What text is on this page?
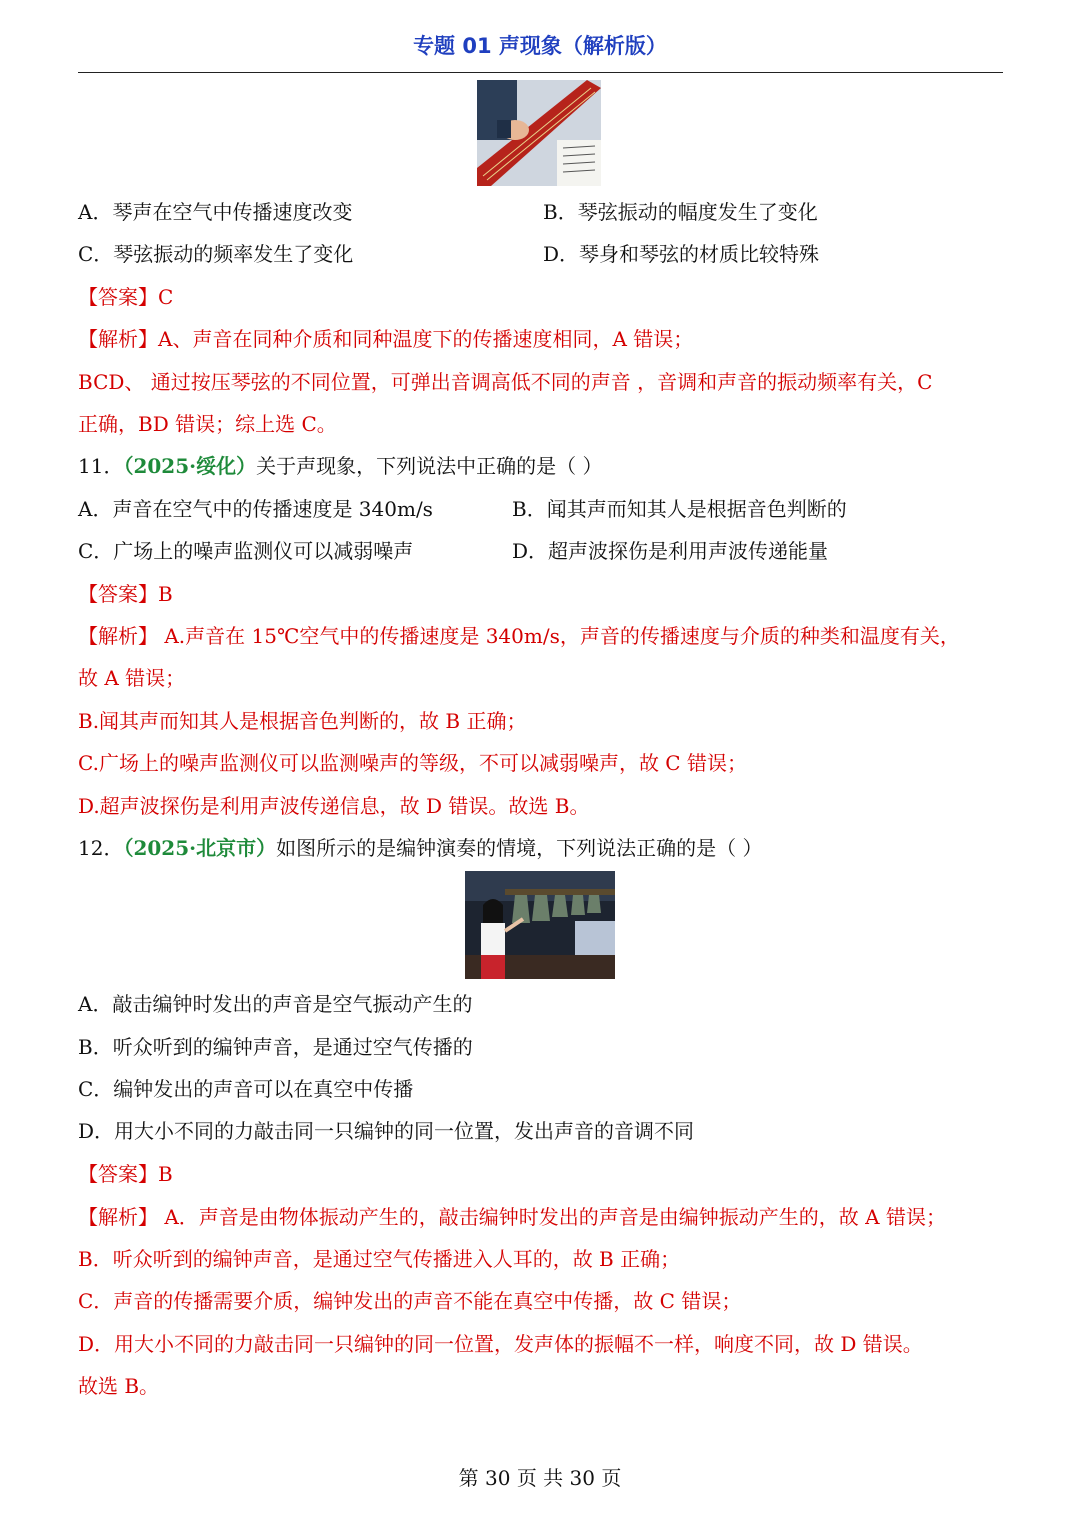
专题 01 声现象（解析版）
A．琴声在空气中传播速度改变	B．琴弦振动的幅度发生了变化
C．琴弦振动的频率发生了变化	D．琴身和琴弦的材质比较特殊
【答案】C
【解析】A、声音在同种介质和同种温度下的传播速度相同，A 错误；
BCD、 通过按压琴弦的不同位置，可弹出音调高低不同的声音 ，音调和声音的振动频率有关，C
正确，BD 错误；综上选 C。
11．（2025·绥化）关于声现象，下列说法中正确的是（ ）
A．声音在空气中的传播速度是 340m/s	B．闻其声而知其人是根据音色判断的
C．广场上的噪声监测仪可以减弱噪声	D．超声波探伤是利用声波传递能量
【答案】B
【解析】 A.声音在 15℃空气中的传播速度是 340m/s，声音的传播速度与介质的种类和温度有关，
故 A 错误；
B.闻其声而知其人是根据音色判断的，故 B 正确；
C.广场上的噪声监测仪可以监测噪声的等级，不可以减弱噪声，故 C 错误；
D.超声波探伤是利用声波传递信息，故 D 错误。故选 B。
12．（2025·北京市）如图所示的是编钟演奏的情境，下列说法正确的是（ ）
A．敲击编钟时发出的声音是空气振动产生的
B．听众听到的编钟声音，是通过空气传播的
C．编钟发出的声音可以在真空中传播
D．用大小不同的力敲击同一只编钟的同一位置，发出声音的音调不同
【答案】B
【解析】 A．声音是由物体振动产生的，敲击编钟时发出的声音是由编钟振动产生的，故 A 错误；
B．听众听到的编钟声音，是通过空气传播进入人耳的，故 B 正确；
C．声音的传播需要介质，编钟发出的声音不能在真空中传播，故 C 错误；
D．用大小不同的力敲击同一只编钟的同一位置，发声体的振幅不一样，响度不同，故 D 错误。
故选 B。
第 30 页 共 30 页
